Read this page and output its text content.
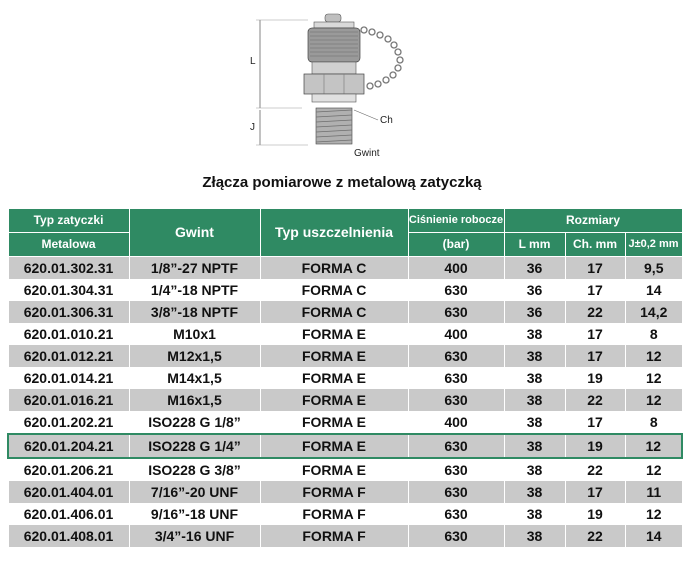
L
J
Ch
Gwint
Złącza pomiarowe z metalową zatyczką
Typ zatyczki	Gwint	Typ uszczelnienia	Ciśnienie robocze	Rozmiary		
Metalowa			(bar)	L mm	Ch. mm	J±0,2 mm
620.01.302.31	1/8”-27 NPTF	FORMA C	400	36	17	9,5
620.01.304.31	1/4”-18 NPTF	FORMA C	630	36	17	14
620.01.306.31	3/8”-18 NPTF	FORMA C	630	36	22	14,2
620.01.010.21	M10x1	FORMA E	400	38	17	8
620.01.012.21	M12x1,5	FORMA E	630	38	17	12
620.01.014.21	M14x1,5	FORMA E	630	38	19	12
620.01.016.21	M16x1,5	FORMA E	630	38	22	12
620.01.202.21	ISO228 G 1/8”	FORMA E	400	38	17	8
620.01.204.21	ISO228 G 1/4”	FORMA E	630	38	19	12
620.01.206.21	ISO228 G 3/8”	FORMA E	630	38	22	12
620.01.404.01	7/16”-20 UNF	FORMA F	630	38	17	11
620.01.406.01	9/16”-18 UNF	FORMA F	630	38	19	12
620.01.408.01	3/4”-16 UNF	FORMA F	630	38	22	14
